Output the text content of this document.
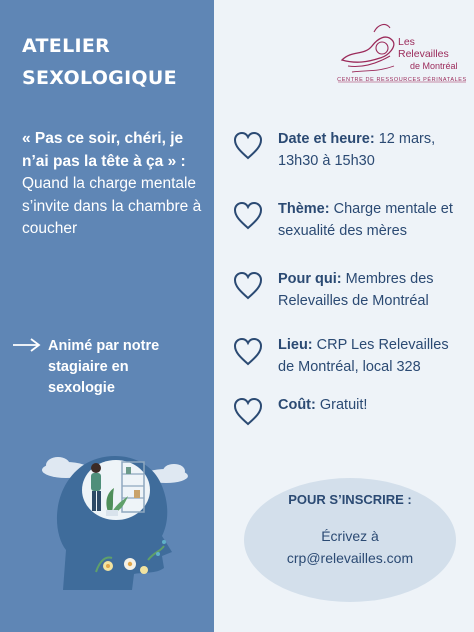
ATELIER SEXOLOGIQUE
« Pas ce soir, chéri, je n’ai pas la tête à ça » :
Quand la charge mentale s’invite dans la chambre à coucher
Animé par notre stagiaire en sexologie
Les
Relevailles
de Montréal
CENTRE DE RESSOURCES PÉRINATALES
Date et heure: 12 mars, 13h30 à 15h30
Thème: Charge mentale et sexualité des mères
Pour qui: Membres des Relevailles de Montréal
Lieu: CRP Les Relevailles de Montréal, local 328
Coût: Gratuit!
POUR S’INSCRIRE :
Écrivez à
crp@relevailles.com
